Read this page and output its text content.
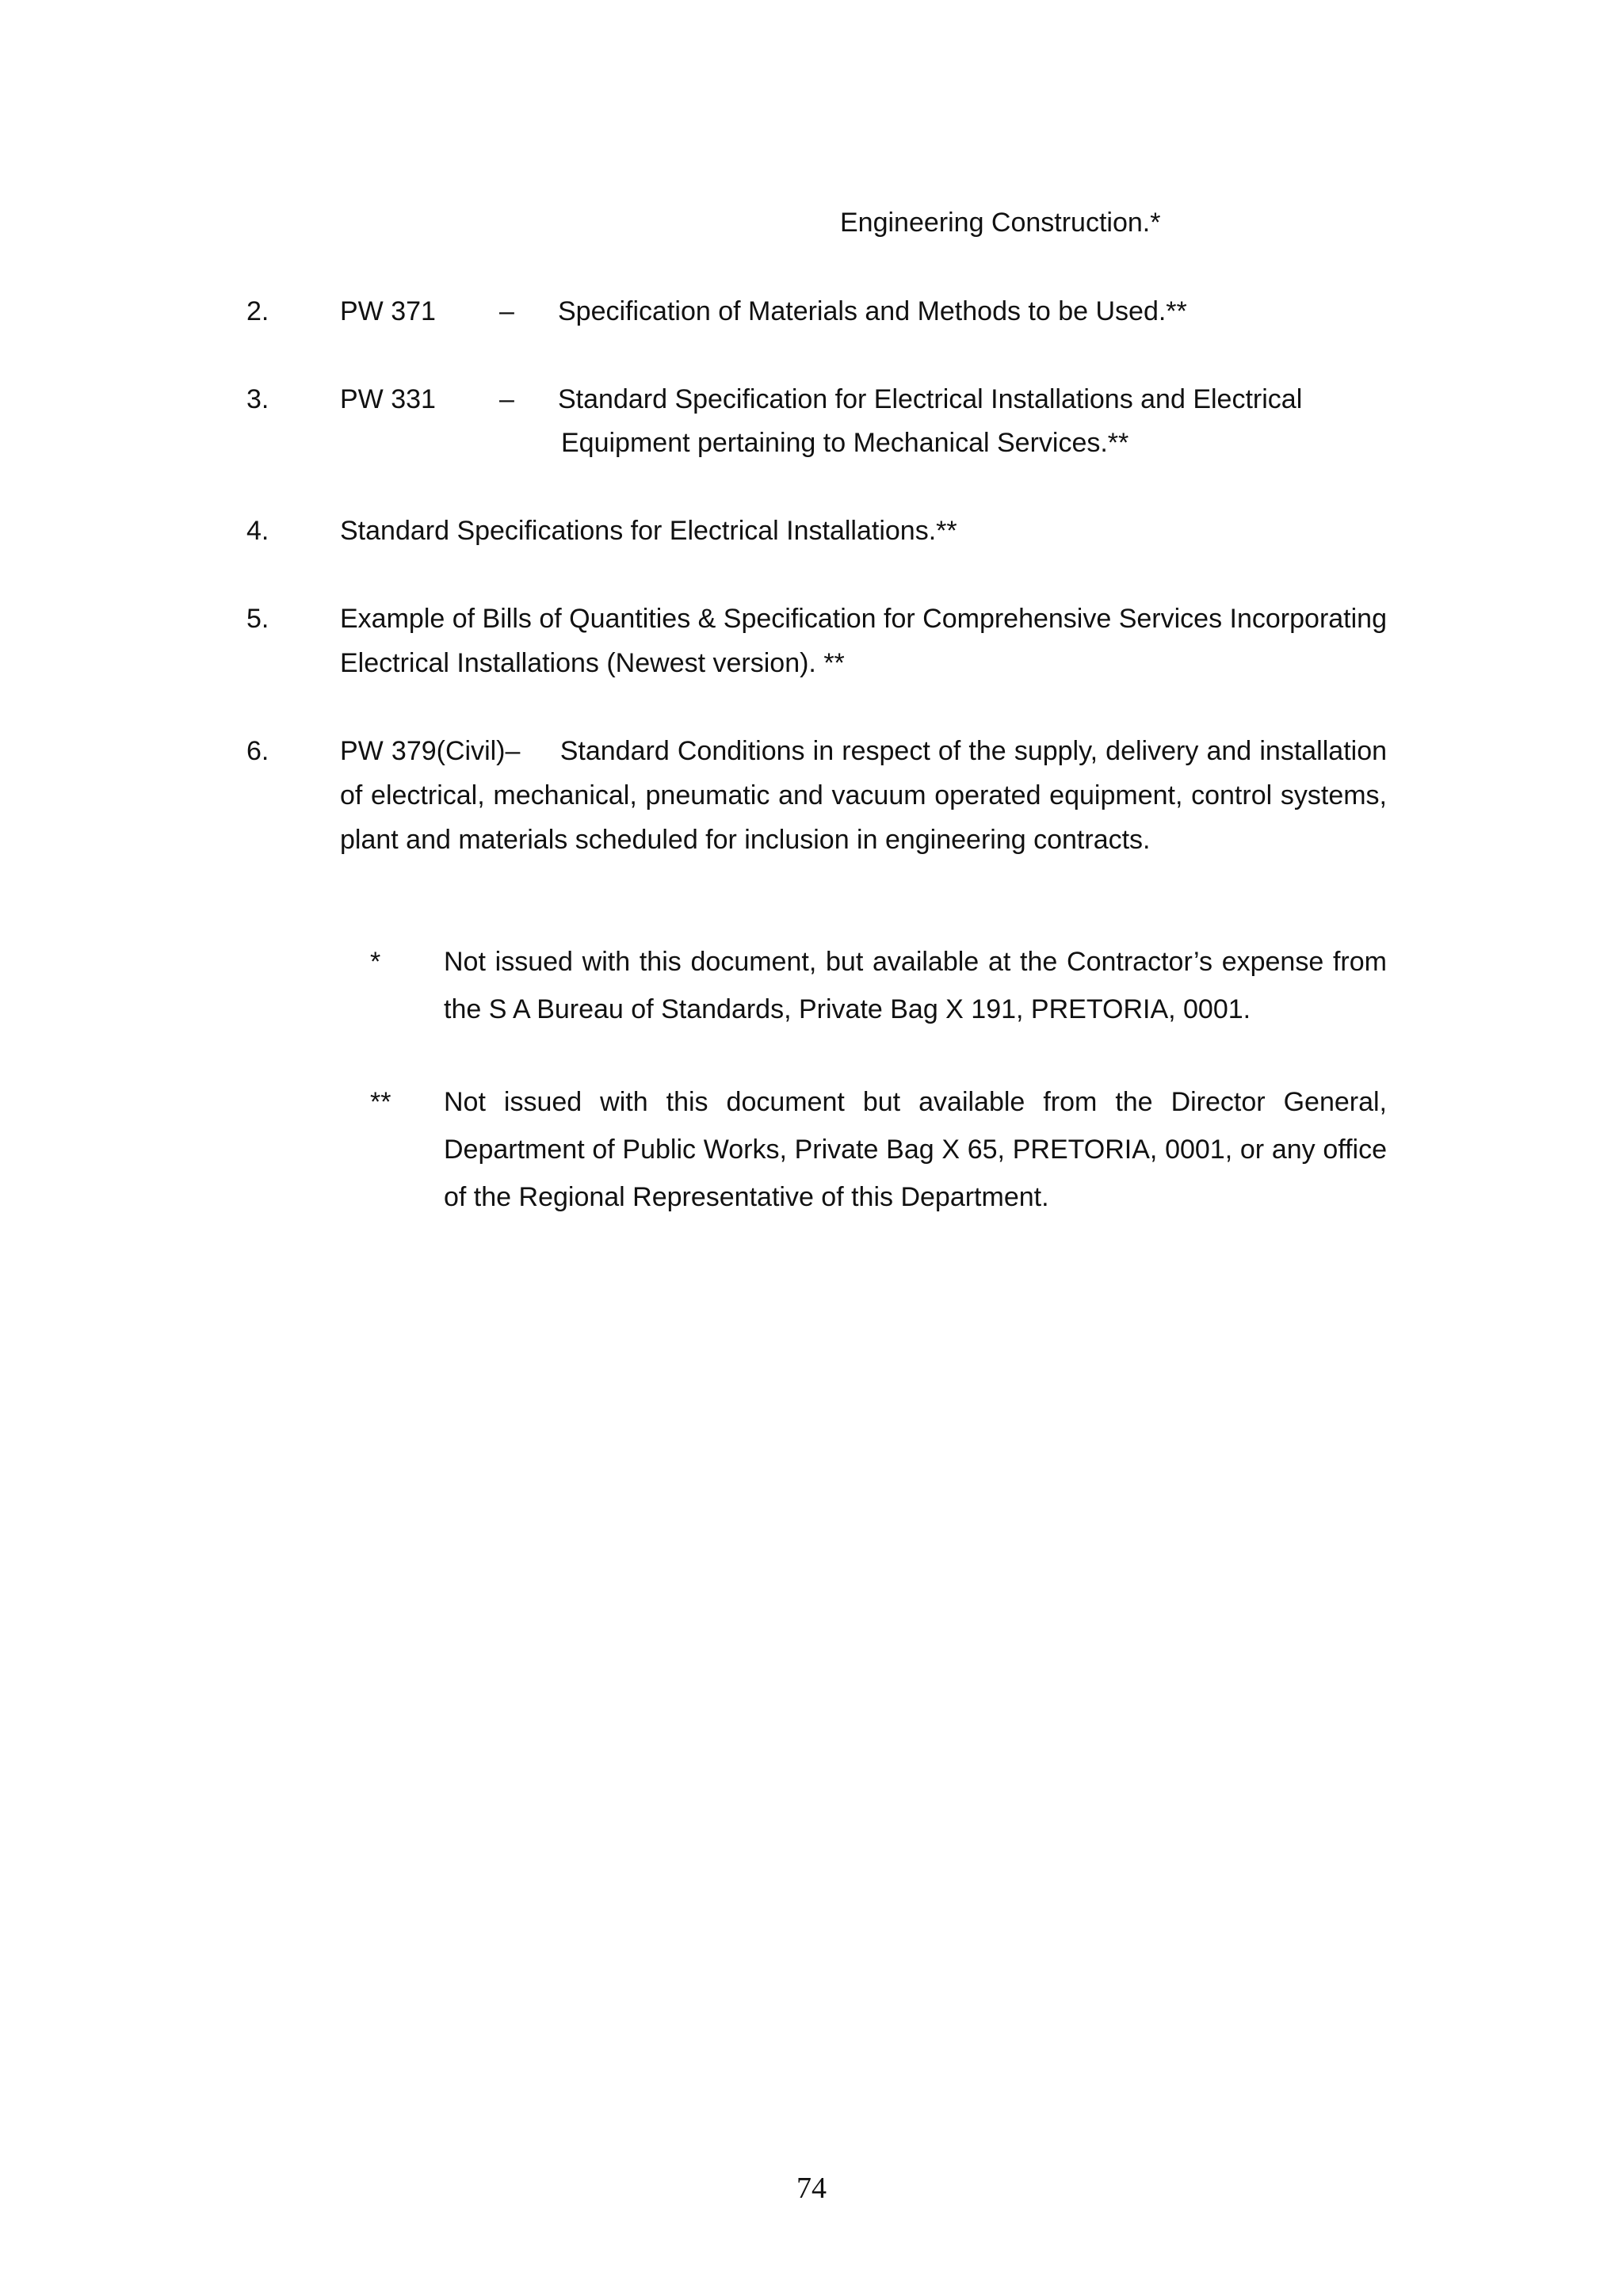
Engineering Construction.*
2.	PW 371 – Specification of Materials and Methods to be Used.**
3.	PW 331 – Standard Specification for Electrical Installations and Electrical
Equipment pertaining to Mechanical Services.**
4.	Standard Specifications for Electrical Installations.**
5.	Example of Bills of Quantities & Specification for Comprehensive Services Incorporating Electrical Installations (Newest version). **
6.	PW 379(Civil)– Standard Conditions in respect of the supply, delivery and installation of electrical, mechanical, pneumatic and vacuum operated equipment, control systems, plant and materials scheduled for inclusion in engineering contracts.
* Not issued with this document, but available at the Contractor’s expense from the S A Bureau of Standards, Private Bag X 191, PRETORIA, 0001.
** Not issued with this document but available from the Director General, Department of Public Works, Private Bag X 65, PRETORIA, 0001, or any office of the Regional Representative of this Department.
74
